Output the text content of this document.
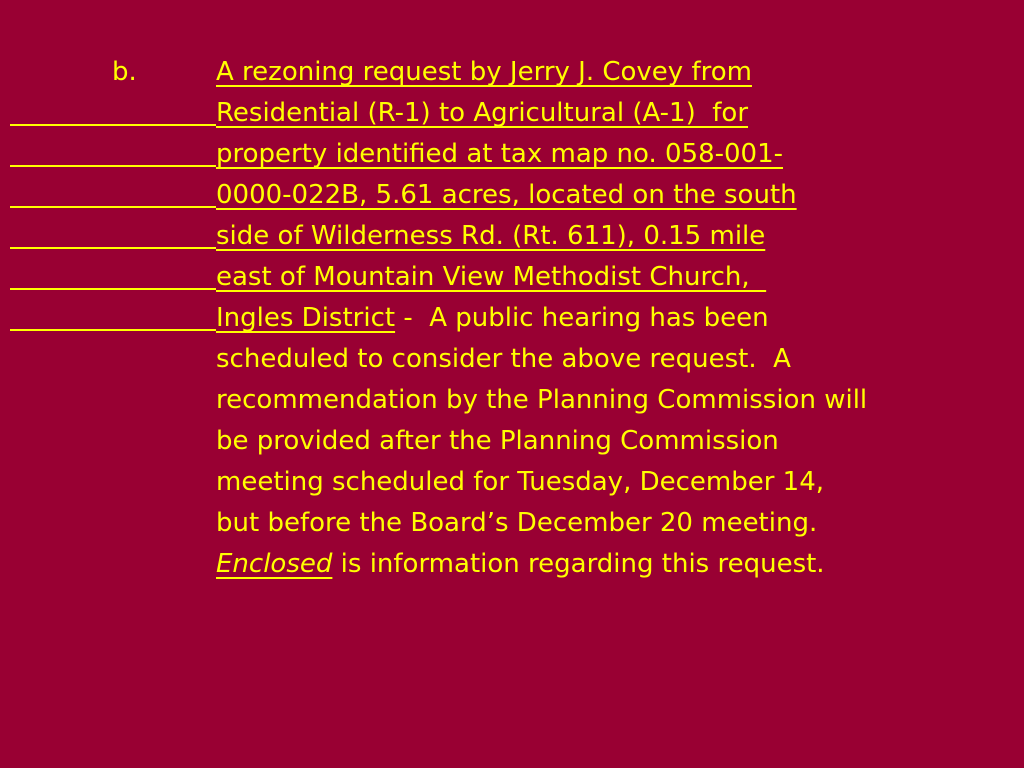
b.

	A rezoning request by Jerry J. Covey from

Residential (R-1) to Agricultural (A-1)  for

property identified at tax map no. 058-001-

0000-022B, 5.61 acres, located on the south

side of Wilderness Rd. (Rt. 611), 0.15 mile

east of Mountain View Methodist Church,

Ingles District -  A public hearing has been

scheduled to consider the above request.  A

recommendation by the Planning Commission will

be provided after the Planning Commission

meeting scheduled for Tuesday, December 14,

but before the Board’s December 20 meeting.

Enclosed is information regarding this request.
